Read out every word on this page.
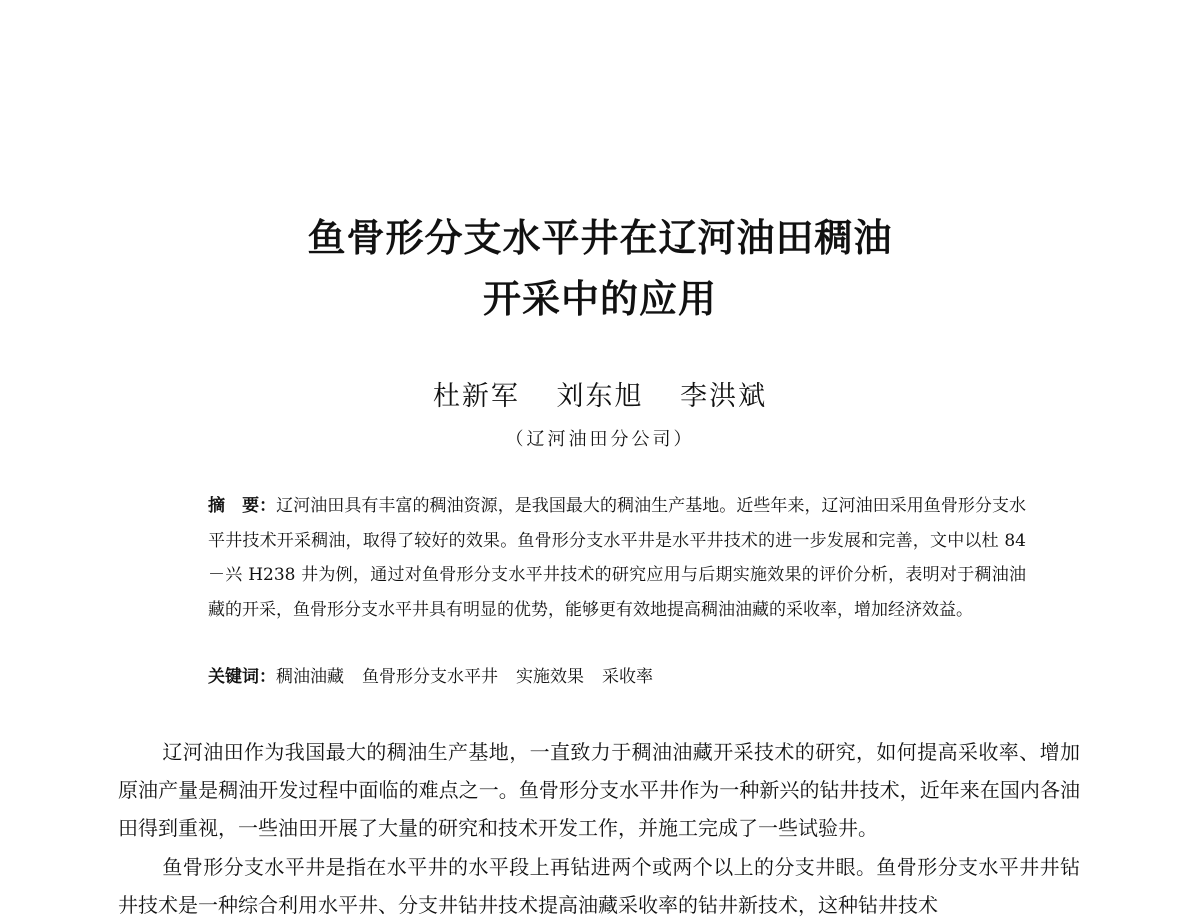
鱼骨形分支水平井在辽河油田稠油
开采中的应用
杜新军 刘东旭 李洪斌
（辽河油田分公司）
摘　要：辽河油田具有丰富的稠油资源，是我国最大的稠油生产基地。近些年来，辽河油田采用鱼骨形分支水平井技术开采稠油，取得了较好的效果。鱼骨形分支水平井是水平井技术的进一步发展和完善，文中以杜 84－兴 H238 井为例，通过对鱼骨形分支水平井技术的研究应用与后期实施效果的评价分析，表明对于稠油油藏的开采，鱼骨形分支水平井具有明显的优势，能够更有效地提高稠油油藏的采收率，增加经济效益。
关键词：稠油油藏 鱼骨形分支水平井 实施效果 采收率
辽河油田作为我国最大的稠油生产基地，一直致力于稠油油藏开采技术的研究，如何提高采收率、增加原油产量是稠油开发过程中面临的难点之一。鱼骨形分支水平井作为一种新兴的钻井技术，近年来在国内各油田得到重视，一些油田开展了大量的研究和技术开发工作，并施工完成了一些试验井。
鱼骨形分支水平井是指在水平井的水平段上再钻进两个或两个以上的分支井眼。鱼骨形分支水平井井钻井技术是一种综合利用水平井、分支井钻井技术提高油藏采收率的钻井新技术，这种钻井技术
